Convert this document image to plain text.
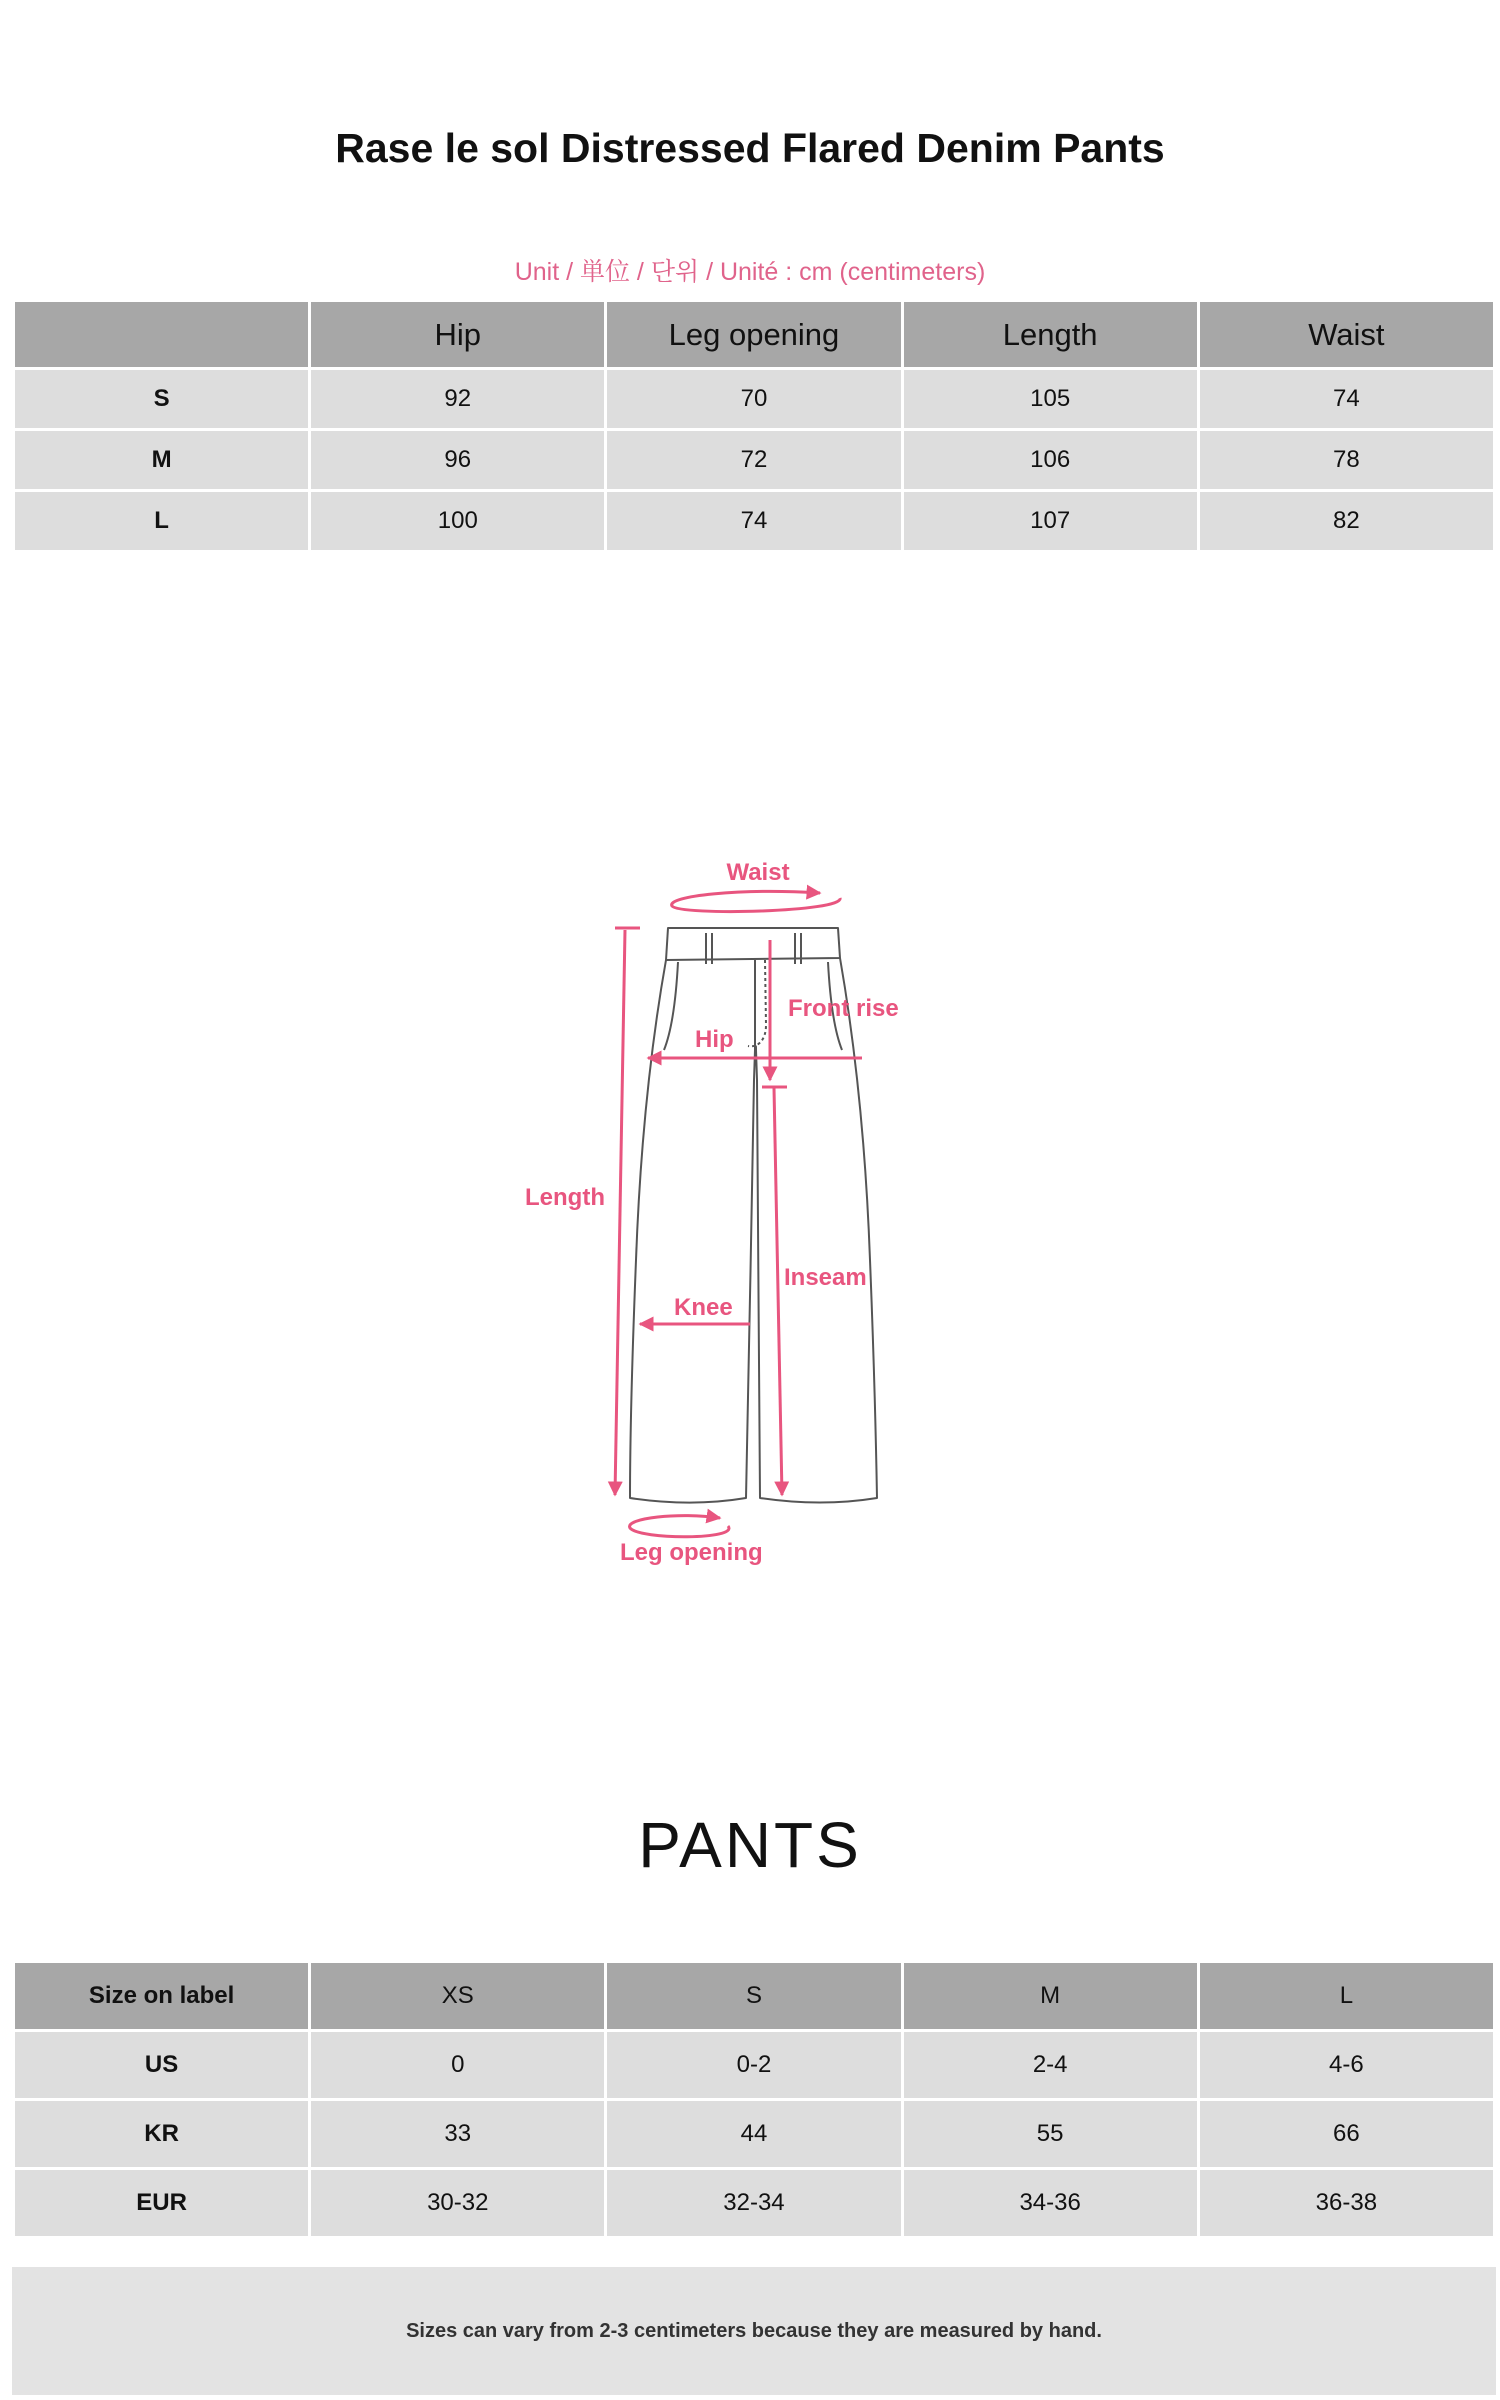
Rase le sol Distressed Flared Denim Pants
Unit / 単位 / 단위 / Unité : cm (centimeters)
	Hip	Leg opening	Length	Waist
S	92	70	105	74
M	96	72	106	78
L	100	74	107	82
Waist
Front rise
Hip
Length
Inseam
Knee
Leg opening
PANTS
Size on label	XS	S	M	L
US	0	0-2	2-4	4-6
KR	33	44	55	66
EUR	30-32	32-34	34-36	36-38
Sizes can vary from 2-3 centimeters because they are measured by hand.
